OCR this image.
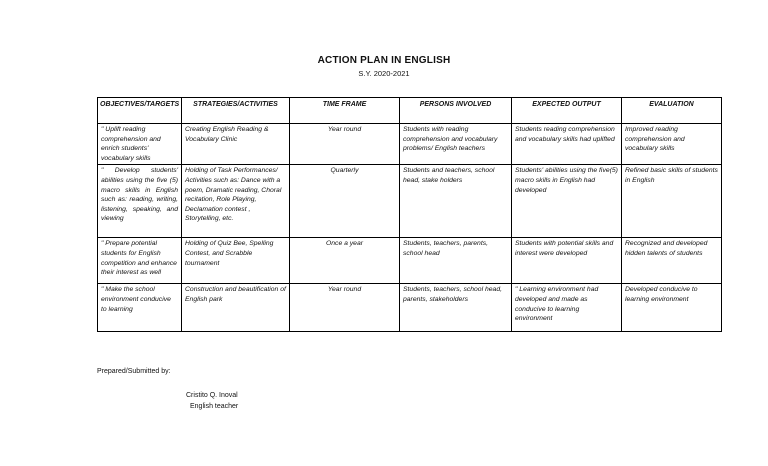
ACTION PLAN IN ENGLISH
S.Y. 2020-2021
OBJECTIVES/TARGETS	STRATEGIES/ACTIVITIES	TIME FRAME	PERSONS INVOLVED	EXPECTED OUTPUT	EVALUATION
" Uplift reading comprehension and enrich students' vocabulary skills	Creating English Reading & Vocabulary Clinic	Year round	Students with reading comprehension and vocabulary problems/ English teachers	Students reading comprehension and vocabulary skills had uplifted	Improved reading comprehension and vocabulary skills
" Develop students' abilities using the five (5) macro skills in English such as: reading, writing, listening, speaking, and viewing	Holding of Task Performances/ Activities such as: Dance with a poem, Dramatic reading, Choral recitation, Role Playing, Declamation contest , Storytelling, etc.	Quarterly	Students and teachers, school head, stake holders	Students' abilities using the five(5) macro skills in English had developed	Refined basic skills of students in English
" Prepare potential students for English competition and enhance their interest as well	Holding of Quiz Bee, Spelling Contest, and Scrabble tournament	Once a year	Students, teachers, parents, school head	Students with potential skills and interest were developed	Recognized and developed hidden talents of students
" Make the school environment conducive to learning	Construction and beautification of English park	Year round	Students, teachers, school head, parents, stakeholders	" Learning environment had developed and made as conducive to learning environment	Developed conducive to learning environment
Prepared/Submitted by:
Cristito Q. Inoval
English teacher
